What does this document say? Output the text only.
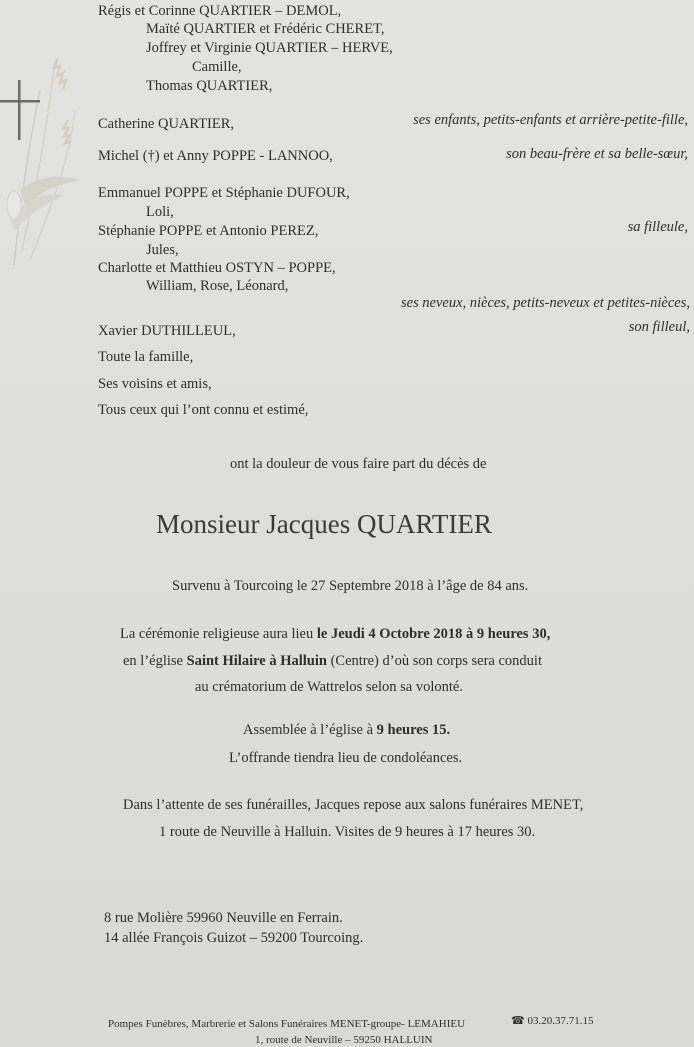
Régis et Corinne QUARTIER – DEMOL,
Maïté QUARTIER et Frédéric CHERET,
Joffrey et Virginie QUARTIER – HERVE,
Camille,
Thomas QUARTIER,
Catherine QUARTIER,	ses enfants, petits-enfants et arrière-petite-fille,
Michel (†) et Anny POPPE - LANNOO,	son beau-frère et sa belle-sœur,
Emmanuel POPPE et Stéphanie DUFOUR,
Loli,
Stéphanie POPPE et Antonio PEREZ,	sa filleule,
Jules,
Charlotte et Matthieu OSTYN – POPPE,
William, Rose, Léonard,
ses neveux, nièces, petits-neveux et petites-nièces,
Xavier DUTHILLEUL,	son filleul,
Toute la famille,
Ses voisins et amis,
Tous ceux qui l’ont connu et estimé,
ont la douleur de vous faire part du décès de
Monsieur Jacques QUARTIER
Survenu à Tourcoing le 27 Septembre 2018 à l’âge de 84 ans.
La cérémonie religieuse aura lieu le Jeudi 4 Octobre 2018 à 9 heures 30,
en l’église Saint Hilaire à Halluin (Centre) d’où son corps sera conduit
au crématorium de Wattrelos selon sa volonté.
Assemblée à l’église à 9 heures 15.
L’offrande tiendra lieu de condoléances.
Dans l’attente de ses funérailles, Jacques repose aux salons funéraires MENET,
1 route de Neuville à Halluin. Visites de 9 heures à 17 heures 30.
8 rue Molière 59960 Neuville en Ferrain.
14 allée François Guizot – 59200 Tourcoing.
Pompes Funèbres, Marbrerie et Salons Funéraires MENET-groupe- LEMAHIEU	☎ 03.20.37.71.15
1, route de Neuville – 59250 HALLUIN
